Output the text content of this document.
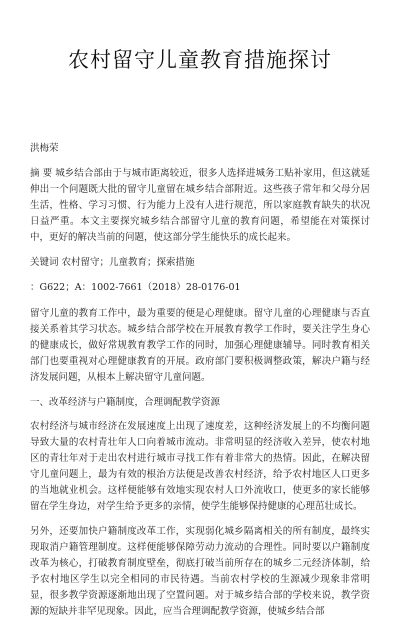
农村留守儿童教育措施探讨
洪梅荣

摘 要 城乡结合部由于与城市距离较近，很多人选择进城务工贴补家用，但这就延伸出一个问题既大批的留守儿童留在城乡结合部附近。这些孩子常年和父母分居生活，性格、学习习惯、行为能力上没有人进行规范，所以家庭教育缺失的状况日益严重。本文主要探究城乡结合部留守儿童的教育问题，希望能在对策探讨中，更好的解决当前的问题，使这部分学生能快乐的成长起来。

关键词 农村留守；儿童教育；探索措施

：G622；A：1002-7661（2018）28-0176-01

留守儿童的教育工作中，最为重要的便是心理健康。留守儿童的心理健康与否直接关系着其学习状态。城乡结合部学校在开展教育教学工作时，要关注学生身心的健康成长，做好常规教育教学工作的同时，加强心理健康辅导。同时教育相关部门也要重视对心理健康教育的开展。政府部门要积极调整政策，解决户籍与经济发展问题，从根本上解决留守儿童问题。

一、改革经济与户籍制度，合理调配教学资源

农村经济与城市经济在发展速度上出现了速度差，这种经济发展上的不均衡问题导致大量的农村青壮年人口向着城市流动。非常明显的经济收入差异，使农村地区的青壮年对于走出农村进行城市寻找工作有着非常大的热情。因此，在解决留守儿童问题上，最为有效的根治方法便是改善农村经济，给予农村地区人口更多的当地就业机会。这样便能够有效地实现农村人口外流收口，使更多的家长能够留在学生身边，对学生给予更多的亲情，使学生能够保持健康的心理茁壮成长。

另外，还要加快户籍制度改革工作，实现弱化城乡隔离相关的所有制度，最终实现取消户籍管理制度。这样便能够保障劳动力流动的合理性。同时要以户籍制度改革为核心，打破教育制度壁垒，彻底打破当前所存在的城乡二元经济体制，给予农村地区学生以完全相同的市民待遇。当前农村学校的生源减少现象非常明显，很多教学资源逐渐地出现了空置问题。对于城乡结合部的学校来说，教学资源的短缺并非罕见现象。因此，应当合理调配教学资源，使城乡结合部
